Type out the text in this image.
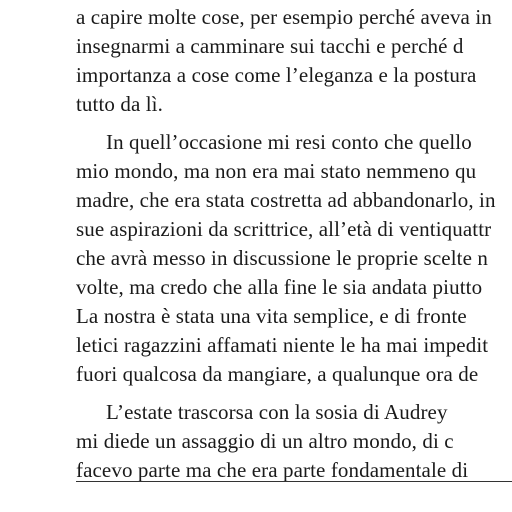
a capire molte cose, per esempio perché aveva in
insegnarmi a camminare sui tacchi e perché d
importanza a cose come l’eleganza e la postura
tutto da lì.
In quell’occasione mi resi conto che quello
mio mondo, ma non era mai stato nemmeno qu
madre, che era stata costretta ad abbandonarlo, in
sue aspirazioni da scrittrice, all’età di ventiquattr
che avrà messo in discussione le proprie scelte n
volte, ma credo che alla fine le sia andata piutto
La nostra è stata una vita semplice, e di fronte
letici ragazzini affamati niente le ha mai impedit
fuori qualcosa da mangiare, a qualunque ora de
L’estate trascorsa con la sosia di Audrey
mi diede un assaggio di un altro mondo, di c
facevo parte ma che era parte fondamentale di
